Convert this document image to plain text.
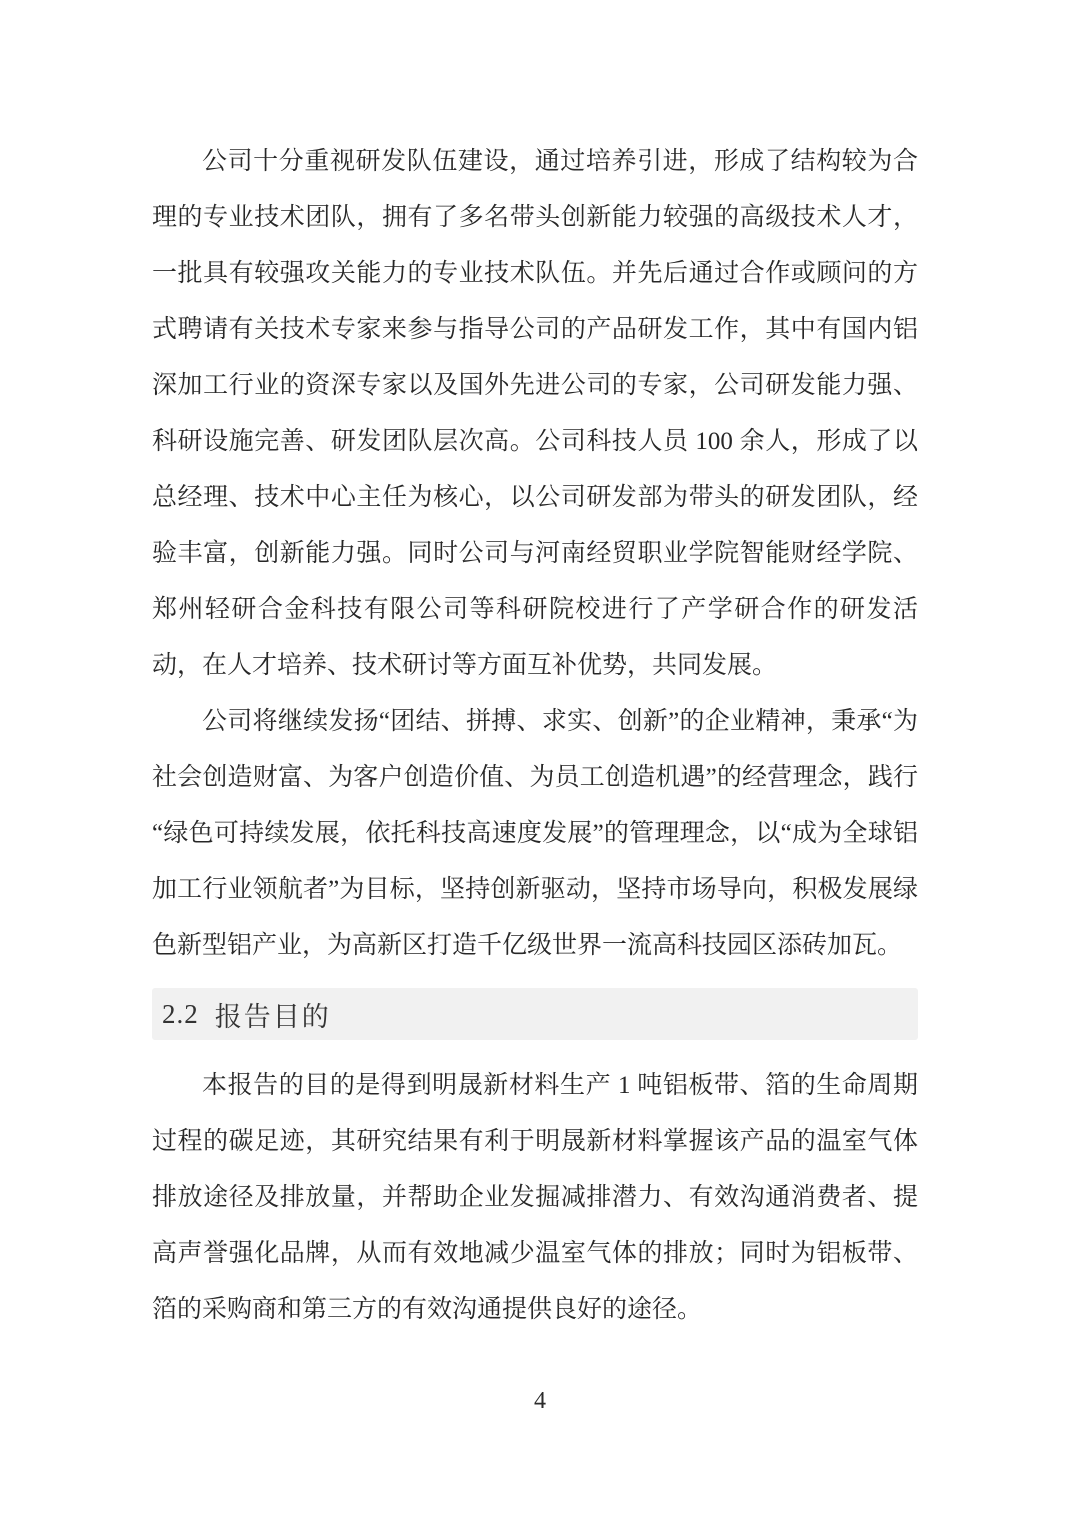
公司十分重视研发队伍建设，通过培养引进，形成了结构较为合理的专业技术团队，拥有了多名带头创新能力较强的高级技术人才，一批具有较强攻关能力的专业技术队伍。并先后通过合作或顾问的方式聘请有关技术专家来参与指导公司的产品研发工作，其中有国内铝深加工行业的资深专家以及国外先进公司的专家，公司研发能力强、科研设施完善、研发团队层次高。公司科技人员 100 余人，形成了以总经理、技术中心主任为核心，以公司研发部为带头的研发团队，经验丰富，创新能力强。同时公司与河南经贸职业学院智能财经学院、郑州轻研合金科技有限公司等科研院校进行了产学研合作的研发活动，在人才培养、技术研讨等方面互补优势，共同发展。

公司将继续发扬“团结、拼搏、求实、创新”的企业精神，秉承“为社会创造财富、为客户创造价值、为员工创造机遇”的经营理念，践行“绿色可持续发展，依托科技高速度发展”的管理理念，以“成为全球铝加工行业领航者”为目标，坚持创新驱动，坚持市场导向，积极发展绿色新型铝产业，为高新区打造千亿级世界一流高科技园区添砖加瓦。

2.2 报告目的

本报告的目的是得到明晟新材料生产 1 吨铝板带、箔的生命周期过程的碳足迹，其研究结果有利于明晟新材料掌握该产品的温室气体排放途径及排放量，并帮助企业发掘减排潜力、有效沟通消费者、提高声誉强化品牌，从而有效地减少温室气体的排放；同时为铝板带、箔的采购商和第三方的有效沟通提供良好的途径。

4
